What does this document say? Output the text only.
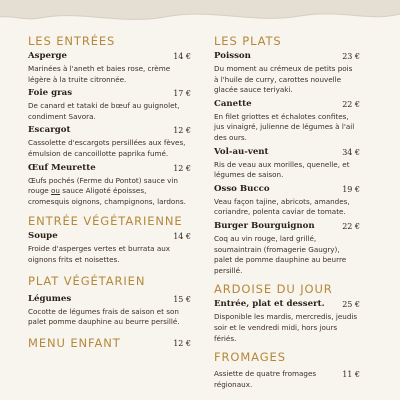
LES ENTRÉES
Asperge	14 €
Marinées à l'aneth et baies rose, crème légère à la truite citronnée.
Foie gras	17 €
De canard et tataki de bœuf au guignolet, condiment Savora.
Escargot	12 €
Cassolette d'escargots persillées aux fèves, émulsion de cancoillotte paprika fumé.
Œuf Meurette	12 €
Œufs pochés (Ferme du Pontot) sauce vin rouge ou sauce Aligoté époisses, cromesquis oignons, champignons, lardons.
ENTRÉE VÉGÉTARIENNE
Soupe	14 €
Froide d'asperges vertes et burrata aux oignons frits et noisettes.
PLAT VÉGÉTARIEN
Légumes	15 €
Cocotte de légumes frais de saison et son palet pomme dauphine au beurre persillé.
MENU ENFANT	12 €
LES PLATS
Poisson	23 €
Du moment au crémeux de petits pois à l'huile de curry, carottes nouvelle glacée sauce teriyaki.
Canette	22 €
En filet griottes et échalotes confites, jus vinaigré, julienne de légumes à l'ail des ours.
Vol-au-vent	34 €
Ris de veau aux morilles, quenelle, et légumes de saison.
Osso Bucco	19 €
Veau façon tajine, abricots, amandes, coriandre, polenta caviar de tomate.
Burger Bourguignon	22 €
Coq au vin rouge, lard grillé, soumaintrain (fromagerie Gaugry), palet de pomme dauphine au beurre persillé.
ARDOISE DU JOUR
Entrée, plat et dessert.	25 €
Disponible les mardis, mercredis, jeudis soir et le vendredi midi, hors jours fériés.
FROMAGES
11 €
Assiette de quatre fromages régionaux.
